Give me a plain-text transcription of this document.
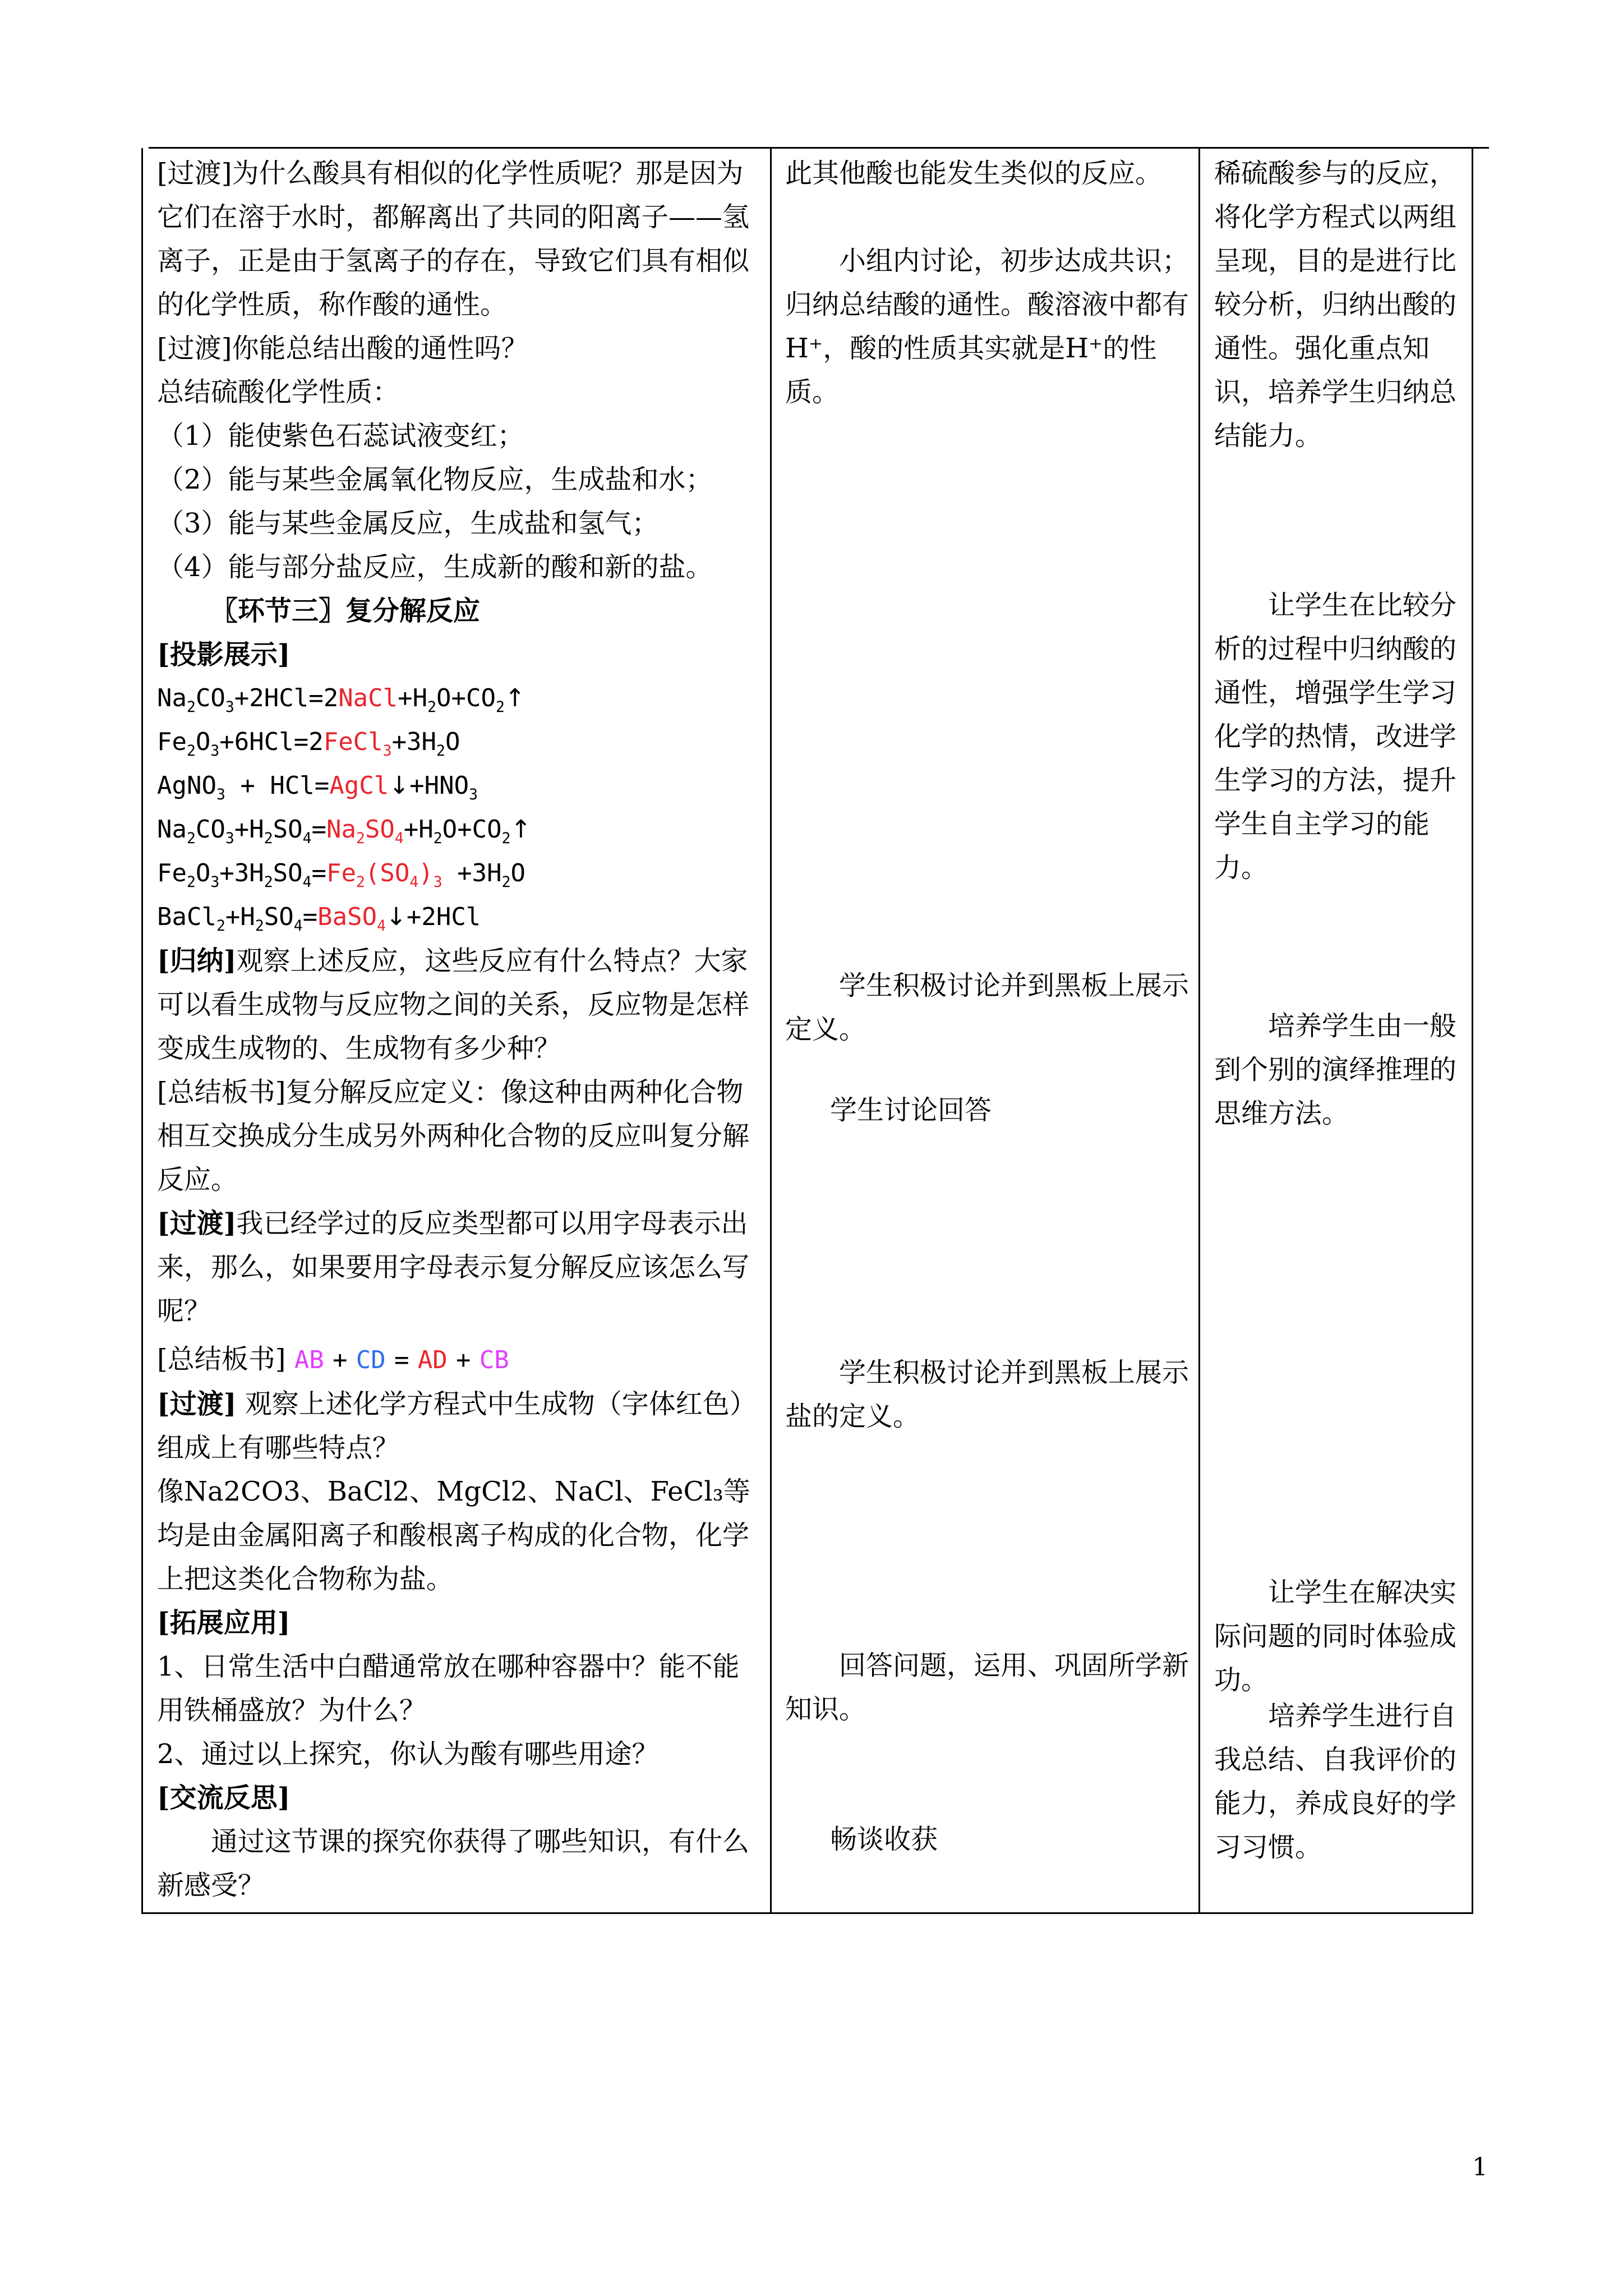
[过渡]为什么酸具有相似的化学性质呢？那是因为它们在溶于水时，都解离出了共同的阳离子——氢离子，正是由于氢离子的存在，导致它们具有相似的化学性质，称作酸的通性。

[过渡]你能总结出酸的通性吗？

总结硫酸化学性质：

（1）能使紫色石蕊试液变红；

（2）能与某些金属氧化物反应，生成盐和水；

（3）能与某些金属反应，生成盐和氢气；

（4）能与部分盐反应，生成新的酸和新的盐。

〖环节三〗复分解反应

[投影展示]

$Na_2CO_3+2HCl=2NaCl+H_2O+CO_2↑$

$Fe_2O_3+6HCl=2FeCl_3+3H_2O$

AgNO$_3$ + $HCl=AgCl↓+HNO_3$

$Na_2CO_3+H_2SO_4=Na_2SO_4+H_2O+CO_2↑$

$Fe_2O_3+3H_2SO_4=Fe_2(SO_4)_3 +3H_2O$

$BaCl_2+H_2SO_4=BaSO_4↓+2HCl$

[归纳]观察上述反应，这些反应有什么特点？大家可以看生成物与反应物之间的关系，反应物是怎样变成生成物的、生成物有多少种？

[总结板书]复分解反应定义：像这种由两种化合物相互交换成分生成另外两种化合物的反应叫复分解反应。

[过渡]我已经学过的反应类型都可以用字母表示出来，那么，如果要用字母表示复分解反应该怎么写呢？

[总结板书] AB + CD = AD + CB

[过渡] 观察上述化学方程式中生成物（字体红色）组成上有哪些特点？

像Na2CO3、BaCl2、MgCl2、NaCl、FeCl₃等均是由金属阳离子和酸根离子构成的化合物，化学上把这类化合物称为盐。

[拓展应用]

1、日常生活中白醋通常放在哪种容器中？能不能用铁桶盛放？为什么？

2、通过以上探究，你认为酸有哪些用途？

[交流反思]

通过这节课的探究你获得了哪些知识，有什么新感受？

此其他酸也能发生类似的反应。

小组内讨论，初步达成共识；归纳总结酸的通性。酸溶液中都有H⁺，酸的性质其实就是H⁺的性质。

学生积极讨论并到黑板上展示定义。

学生讨论回答

学生积极讨论并到黑板上展示盐的定义。

回答问题，运用、巩固所学新知识。

畅谈收获

稀硫酸参与的反应，将化学方程式以两组呈现，目的是进行比较分析，归纳出酸的通性。强化重点知识，培养学生归纳总结能力。

让学生在比较分析的过程中归纳酸的通性，增强学生学习化学的热情，改进学生学习的方法，提升学生自主学习的能力。

培养学生由一般到个别的演绎推理的思维方法。

让学生在解决实际问题的同时体验成功。

培养学生进行自我总结、自我评价的能力，养成良好的学习习惯。

1
